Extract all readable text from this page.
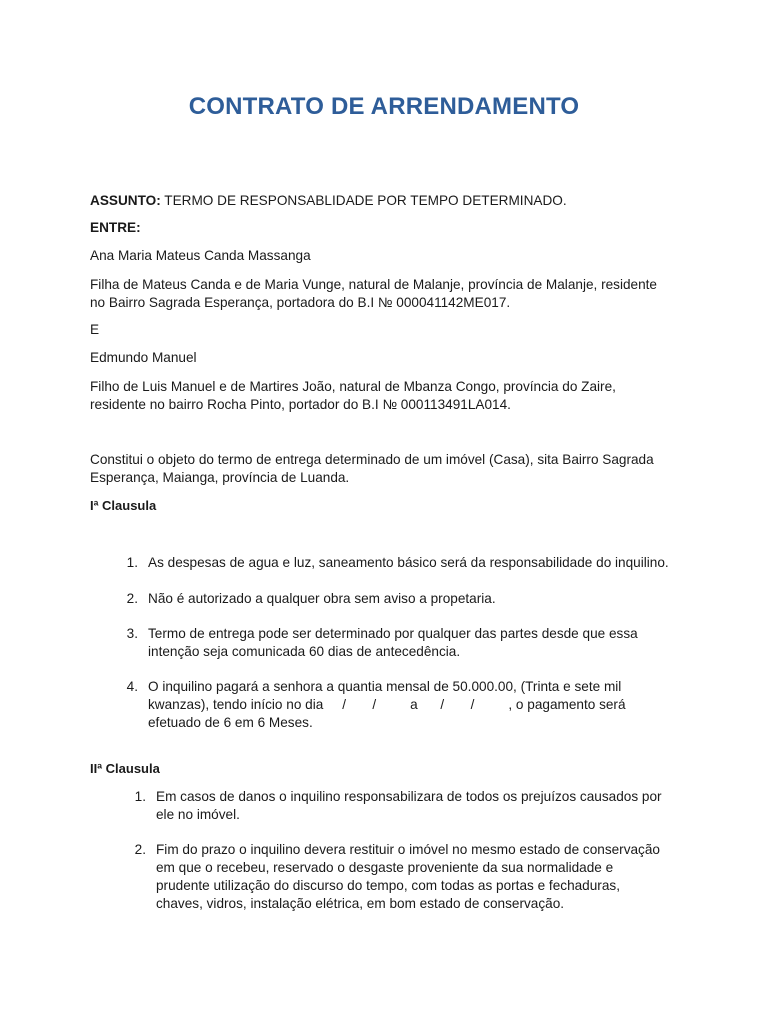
CONTRATO DE ARRENDAMENTO
ASSUNTO: TERMO DE RESPONSABLIDADE POR TEMPO DETERMINADO.
ENTRE:
Ana Maria Mateus Canda Massanga
Filha de Mateus Canda e de Maria Vunge, natural de Malanje, província de Malanje, residente
no Bairro Sagrada Esperança, portadora do B.I № 000041142ME017.
E
Edmundo Manuel
Filho de Luis Manuel e de Martires João, natural de Mbanza Congo, província do Zaire,
residente no bairro Rocha Pinto, portador do B.I № 000113491LA014.
Constitui o objeto do termo de entrega determinado de um imóvel (Casa), sita Bairro Sagrada
Esperança, Maianga, província de Luanda.
Iª Clausula
1. As despesas de agua e luz, saneamento básico será da responsabilidade do inquilino.
2. Não é autorizado a qualquer obra sem aviso a propetaria.
3. Termo de entrega pode ser determinado por qualquer das partes desde que essa
intenção seja comunicada 60 dias de antecedência.
4. O inquilino pagará a senhora a quantia mensal de 50.000.00, (Trinta e sete mil
kwanzas), tendo início no dia     /       /         a      /       /         , o pagamento será
efetuado de 6 em 6 Meses.
IIª Clausula
1. Em casos de danos o inquilino responsabilizara de todos os prejuízos causados por
ele no imóvel.
2. Fim do prazo o inquilino devera restituir o imóvel no mesmo estado de conservação
em que o recebeu, reservado o desgaste proveniente da sua normalidade e
prudente utilização do discurso do tempo, com todas as portas e fechaduras,
chaves, vidros, instalação elétrica, em bom estado de conservação.
